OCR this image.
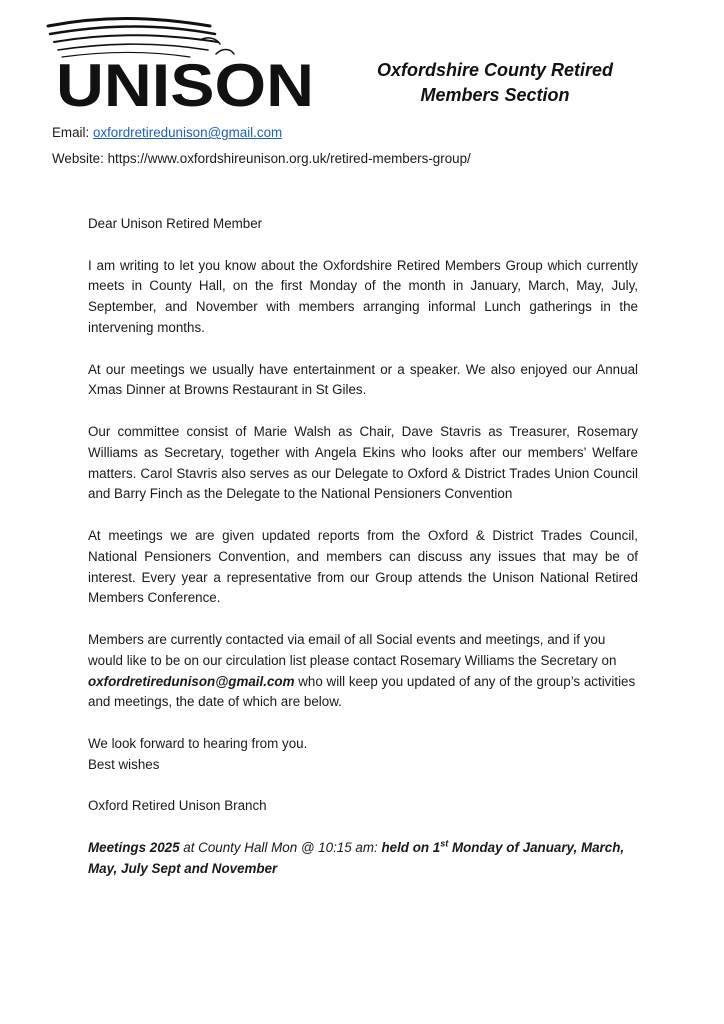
UNISON	Oxfordshire County Retired
Members Section
Email: oxfordretiredunison@gmail.com
Website: https://www.oxfordshireunison.org.uk/retired-members-group/

Dear Unison Retired Member

I am writing to let you know about the Oxfordshire Retired Members Group which currently meets in County Hall, on the first Monday of the month in January, March, May, July, September, and November with members arranging informal Lunch gatherings in the intervening months.

At our meetings we usually have entertainment or a speaker. We also enjoyed our Annual Xmas Dinner at Browns Restaurant in St Giles.

Our committee consist of Marie Walsh as Chair, Dave Stavris as Treasurer, Rosemary Williams as Secretary, together with Angela Ekins who looks after our members’ Welfare matters. Carol Stavris also serves as our Delegate to Oxford & District Trades Union Council and Barry Finch as the Delegate to the National Pensioners Convention

At meetings we are given updated reports from the Oxford & District Trades Council, National Pensioners Convention, and members can discuss any issues that may be of interest. Every year a representative from our Group attends the Unison National Retired Members Conference.

Members are currently contacted via email of all Social events and meetings, and if you would like to be on our circulation list please contact Rosemary Williams the Secretary on oxfordretiredunison@gmail.com who will keep you updated of any of the group’s activities and meetings, the date of which are below.

We look forward to hearing from you.
Best wishes

Oxford Retired Unison Branch

Meetings 2025 at County Hall Mon @ 10:15 am: held on 1st Monday of January, March, May, July Sept and November
